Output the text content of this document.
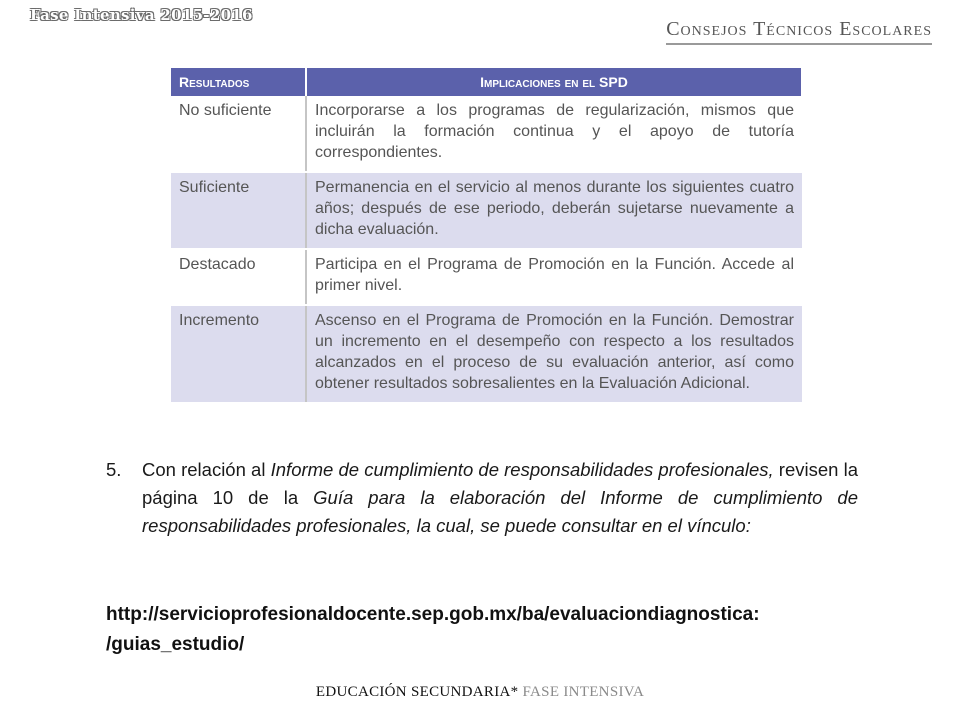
Fase Intensiva 2015-2016
Consejos Técnicos Escolares
Resultados	Implicaciones en el SPD
No suficiente	Incorporarse a los programas de regularización, mismos que incluirán la formación continua y el apoyo de tutoría correspondientes.
Suficiente	Permanencia en el servicio al menos durante los siguientes cuatro años; después de ese periodo, deberán sujetarse nuevamente a dicha evaluación.
Destacado	Participa en el Programa de Promoción en la Función. Accede al primer nivel.
Incremento	Ascenso en el Programa de Promoción en la Función. Demostrar un incremento en el desempeño con respecto a los resultados alcanzados en el proceso de su evaluación anterior, así como obtener resultados sobresalientes en la Evaluación Adicional.
5. Con relación al Informe de cumplimiento de responsabilidades profesionales, revisen la página 10 de la Guía para la elaboración del Informe de cumplimiento de responsabilidades profesionales, la cual, se puede consultar en el vínculo:
http://servicioprofesionaldocente.sep.gob.mx/ba/evaluaciondiagnostica:
/guias_estudio/
EDUCACIÓN SECUNDARIA* FASE INTENSIVA
